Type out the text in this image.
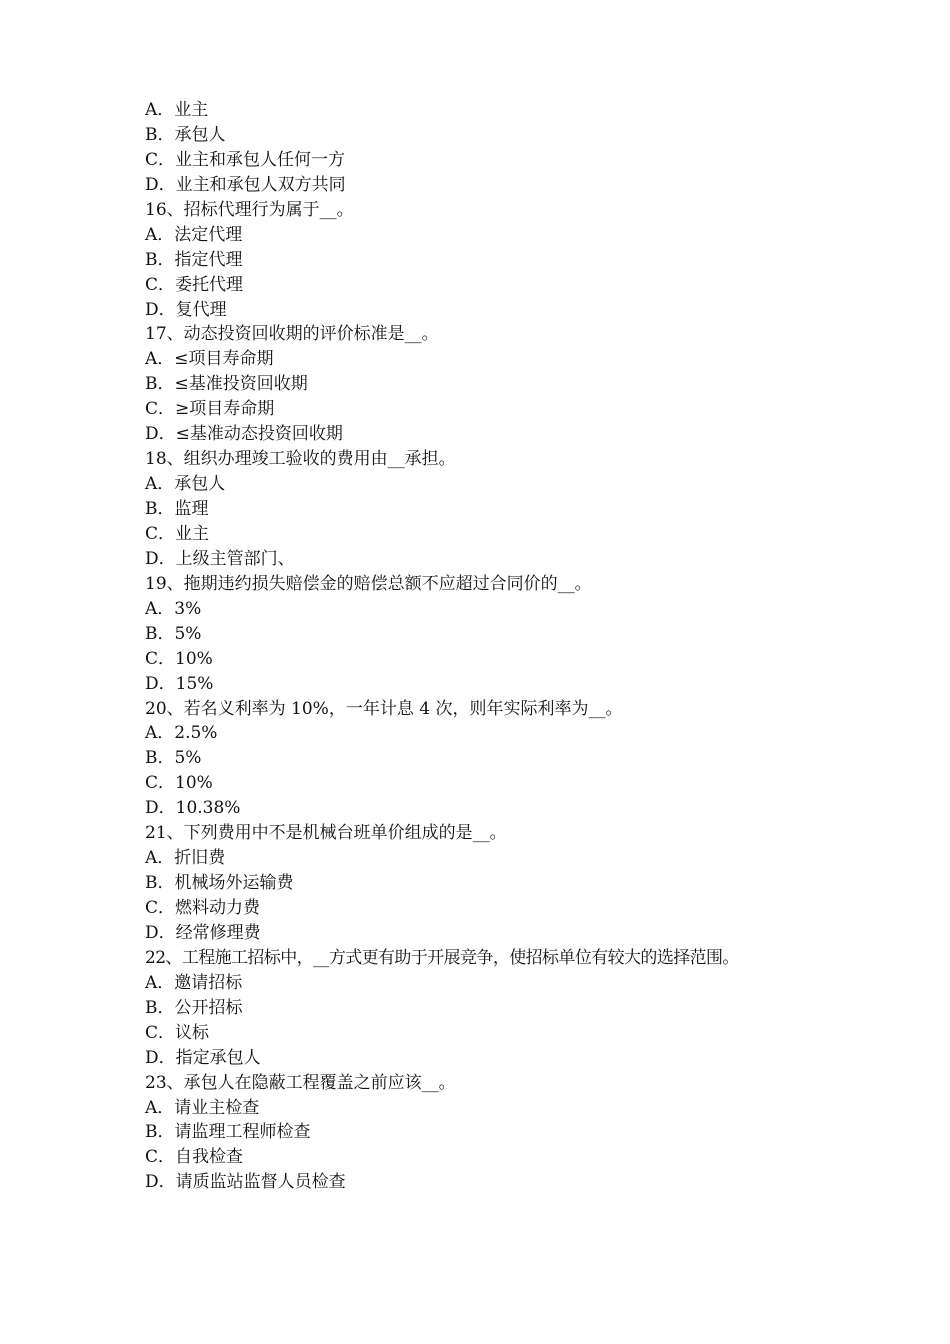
A．业主
B．承包人
C．业主和承包人任何一方
D．业主和承包人双方共同
16、招标代理行为属于__。
A．法定代理
B．指定代理
C．委托代理
D．复代理
17、动态投资回收期的评价标准是__。
A．≤项目寿命期
B．≤基准投资回收期
C．≥项目寿命期
D．≤基准动态投资回收期
18、组织办理竣工验收的费用由__承担。
A．承包人
B．监理
C．业主
D．上级主管部门、
19、拖期违约损失赔偿金的赔偿总额不应超过合同价的__。
A．3%
B．5%
C．10%
D．15%
20、若名义利率为 10%，一年计息 4 次，则年实际利率为__。
A．2.5%
B．5%
C．10%
D．10.38%
21、下列费用中不是机械台班单价组成的是__。
A．折旧费
B．机械场外运输费
C．燃料动力费
D．经常修理费
22、工程施工招标中，__方式更有助于开展竞争，使招标单位有较大的选择范围。
A．邀请招标
B．公开招标
C．议标
D．指定承包人
23、承包人在隐蔽工程覆盖之前应该__。
A．请业主检查
B．请监理工程师检查
C．自我检查
D．请质监站监督人员检查
